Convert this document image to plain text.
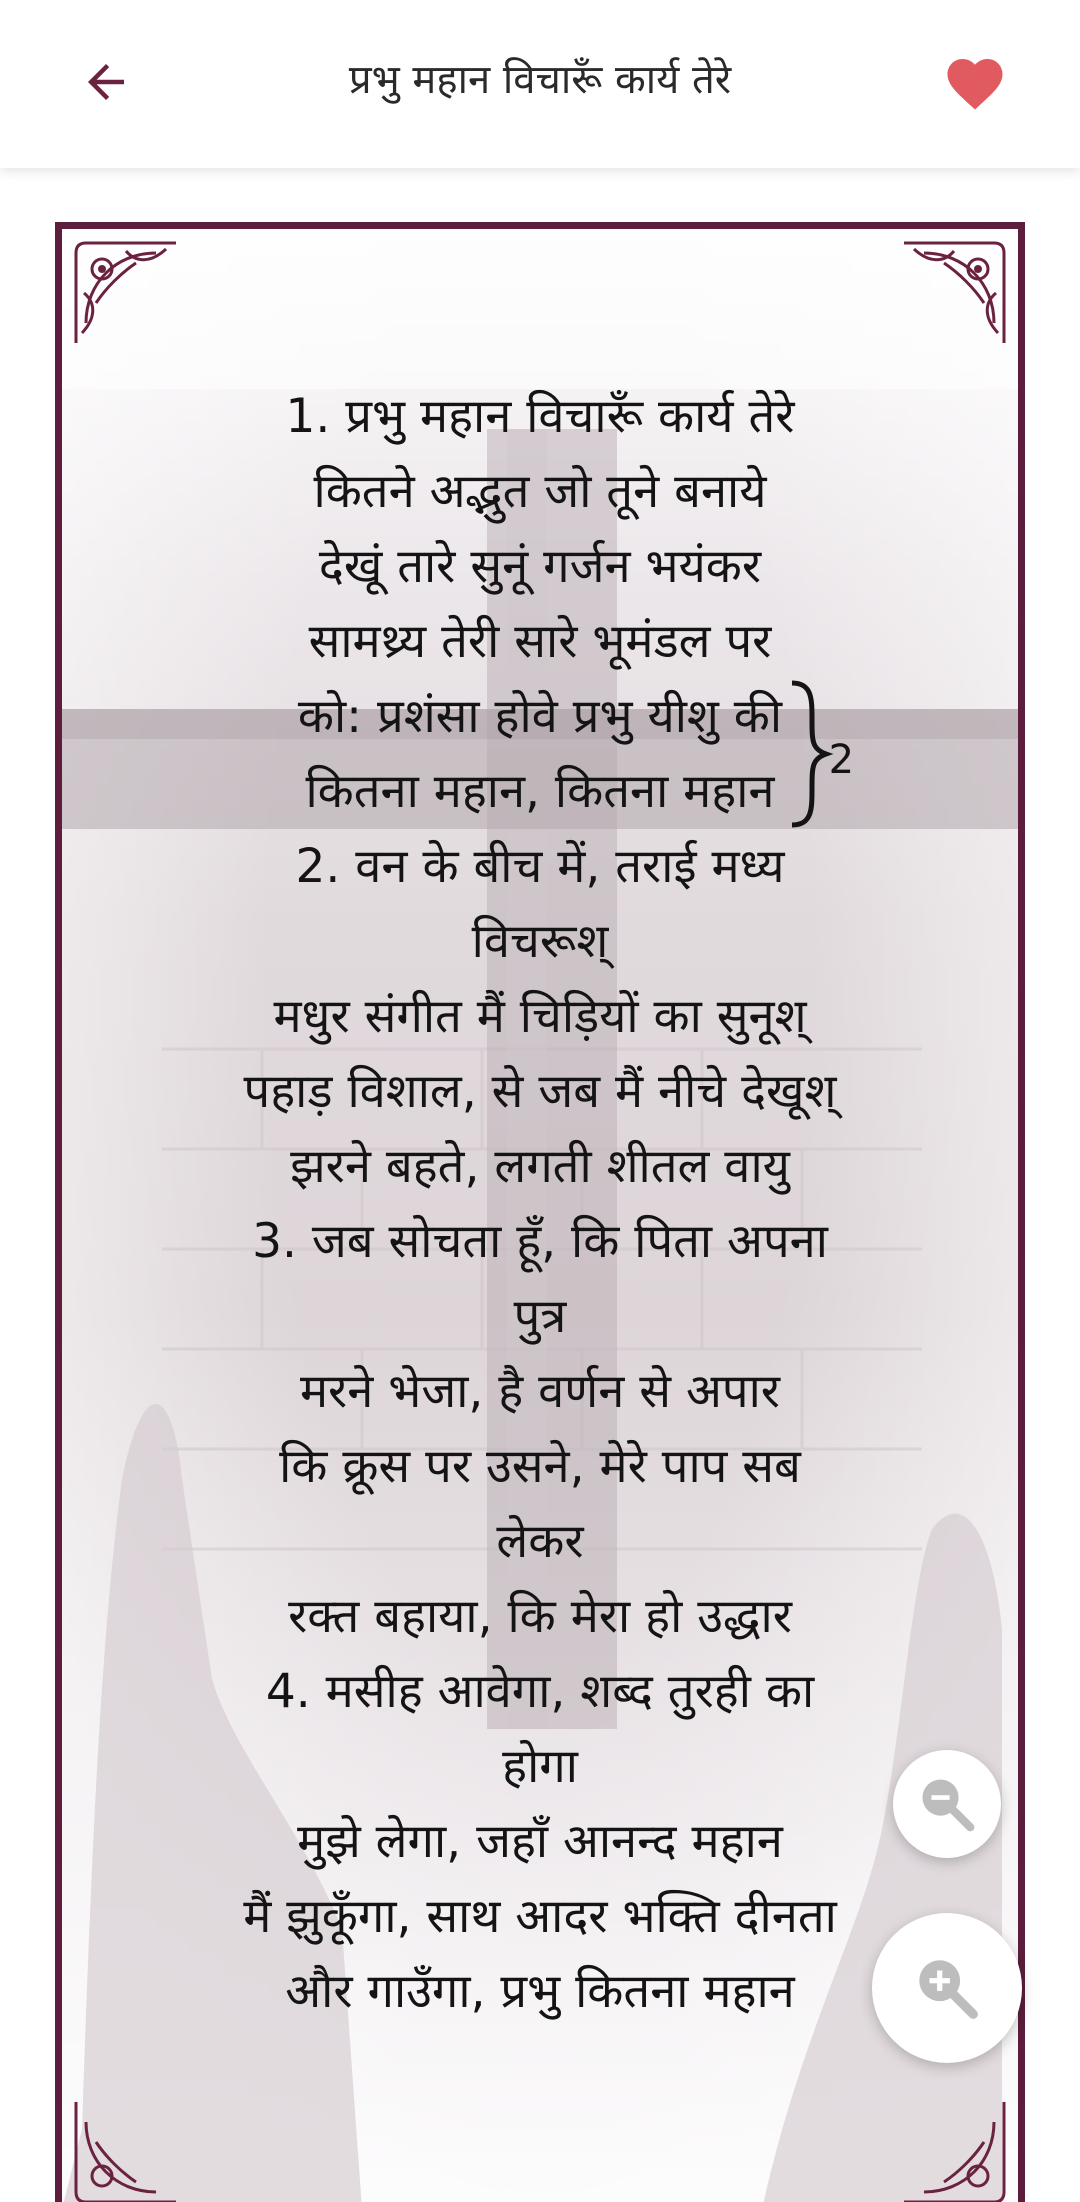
प्रभु महान विचारूँ कार्य तेरे
1. प्रभु महान विचारूँ कार्य तेरे
कितने अद्भुत जो तूने बनाये
देखूं तारे सुनूं गर्जन भयंकर
सामथ्र्य तेरी सारे भूमंडल पर
को: प्रशंसा होवे प्रभु यीशु की
कितना महान, कितना महान
2
2. वन के बीच में, तराई मध्य
विचरूश्
मधुर संगीत मैं चिड़ियों का सुनूश्
पहाड़ विशाल, से जब मैं नीचे देखूश्
झरने बहते, लगती शीतल वायु
3. जब सोचता हूँ, कि पिता अपना
पुत्र
मरने भेजा, है वर्णन से अपार
कि क्रूस पर उसने, मेरे पाप सब
लेकर
रक्त बहाया, कि मेरा हो उद्धार
4. मसीह आवेगा, शब्द तुरही का
होगा
मुझे लेगा, जहाँ आनन्द महान
मैं झुकूँगा, साथ आदर भक्ति दीनता
और गाउँगा, प्रभु कितना महान
